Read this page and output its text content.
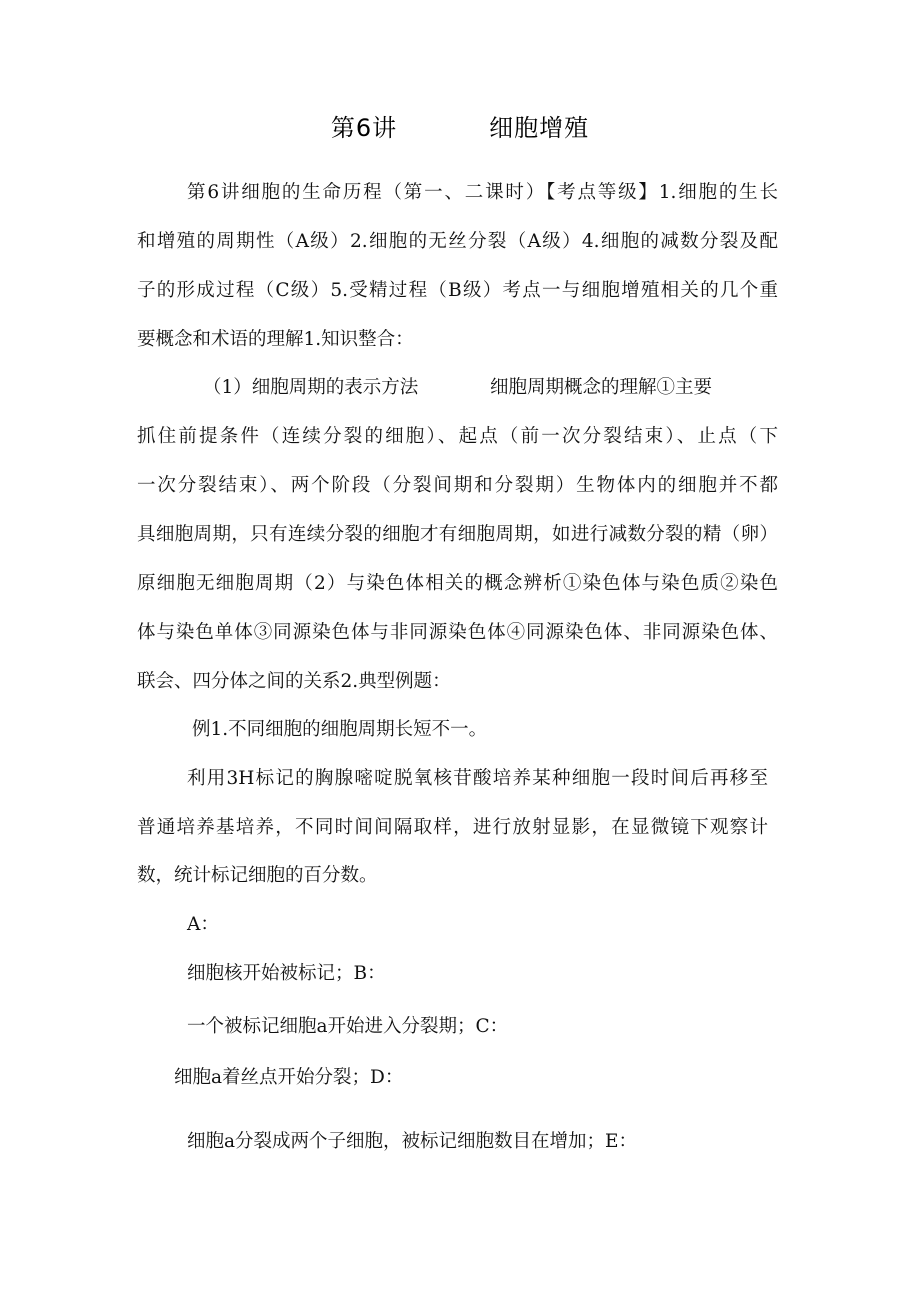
第6讲	细胞增殖
第6讲细胞的生命历程（第一、二课时）【考点等级】1.细胞的生长
和增殖的周期性（A级）2.细胞的无丝分裂（A级）4.细胞的减数分裂及配
子的形成过程（C级）5.受精过程（B级）考点一与细胞增殖相关的几个重
要概念和术语的理解1.知识整合：
（1）细胞周期的表示方法	细胞周期概念的理解①主要
抓住前提条件（连续分裂的细胞）、起点（前一次分裂结束）、止点（下
一次分裂结束）、两个阶段（分裂间期和分裂期）生物体内的细胞并不都
具细胞周期，只有连续分裂的细胞才有细胞周期，如进行减数分裂的精（卵）
原细胞无细胞周期（2）与染色体相关的概念辨析①染色体与染色质②染色
体与染色单体③同源染色体与非同源染色体④同源染色体、非同源染色体、
联会、四分体之间的关系2.典型例题：
例1.不同细胞的细胞周期长短不一。
利用3H标记的胸腺嘧啶脱氧核苷酸培养某种细胞一段时间后再移至
普通培养基培养，不同时间间隔取样，进行放射显影，在显微镜下观察计
数，统计标记细胞的百分数。
A：
细胞核开始被标记；B：
一个被标记细胞a开始进入分裂期；C：
细胞a着丝点开始分裂；D：
细胞a分裂成两个子细胞，被标记细胞数目在增加；E：
